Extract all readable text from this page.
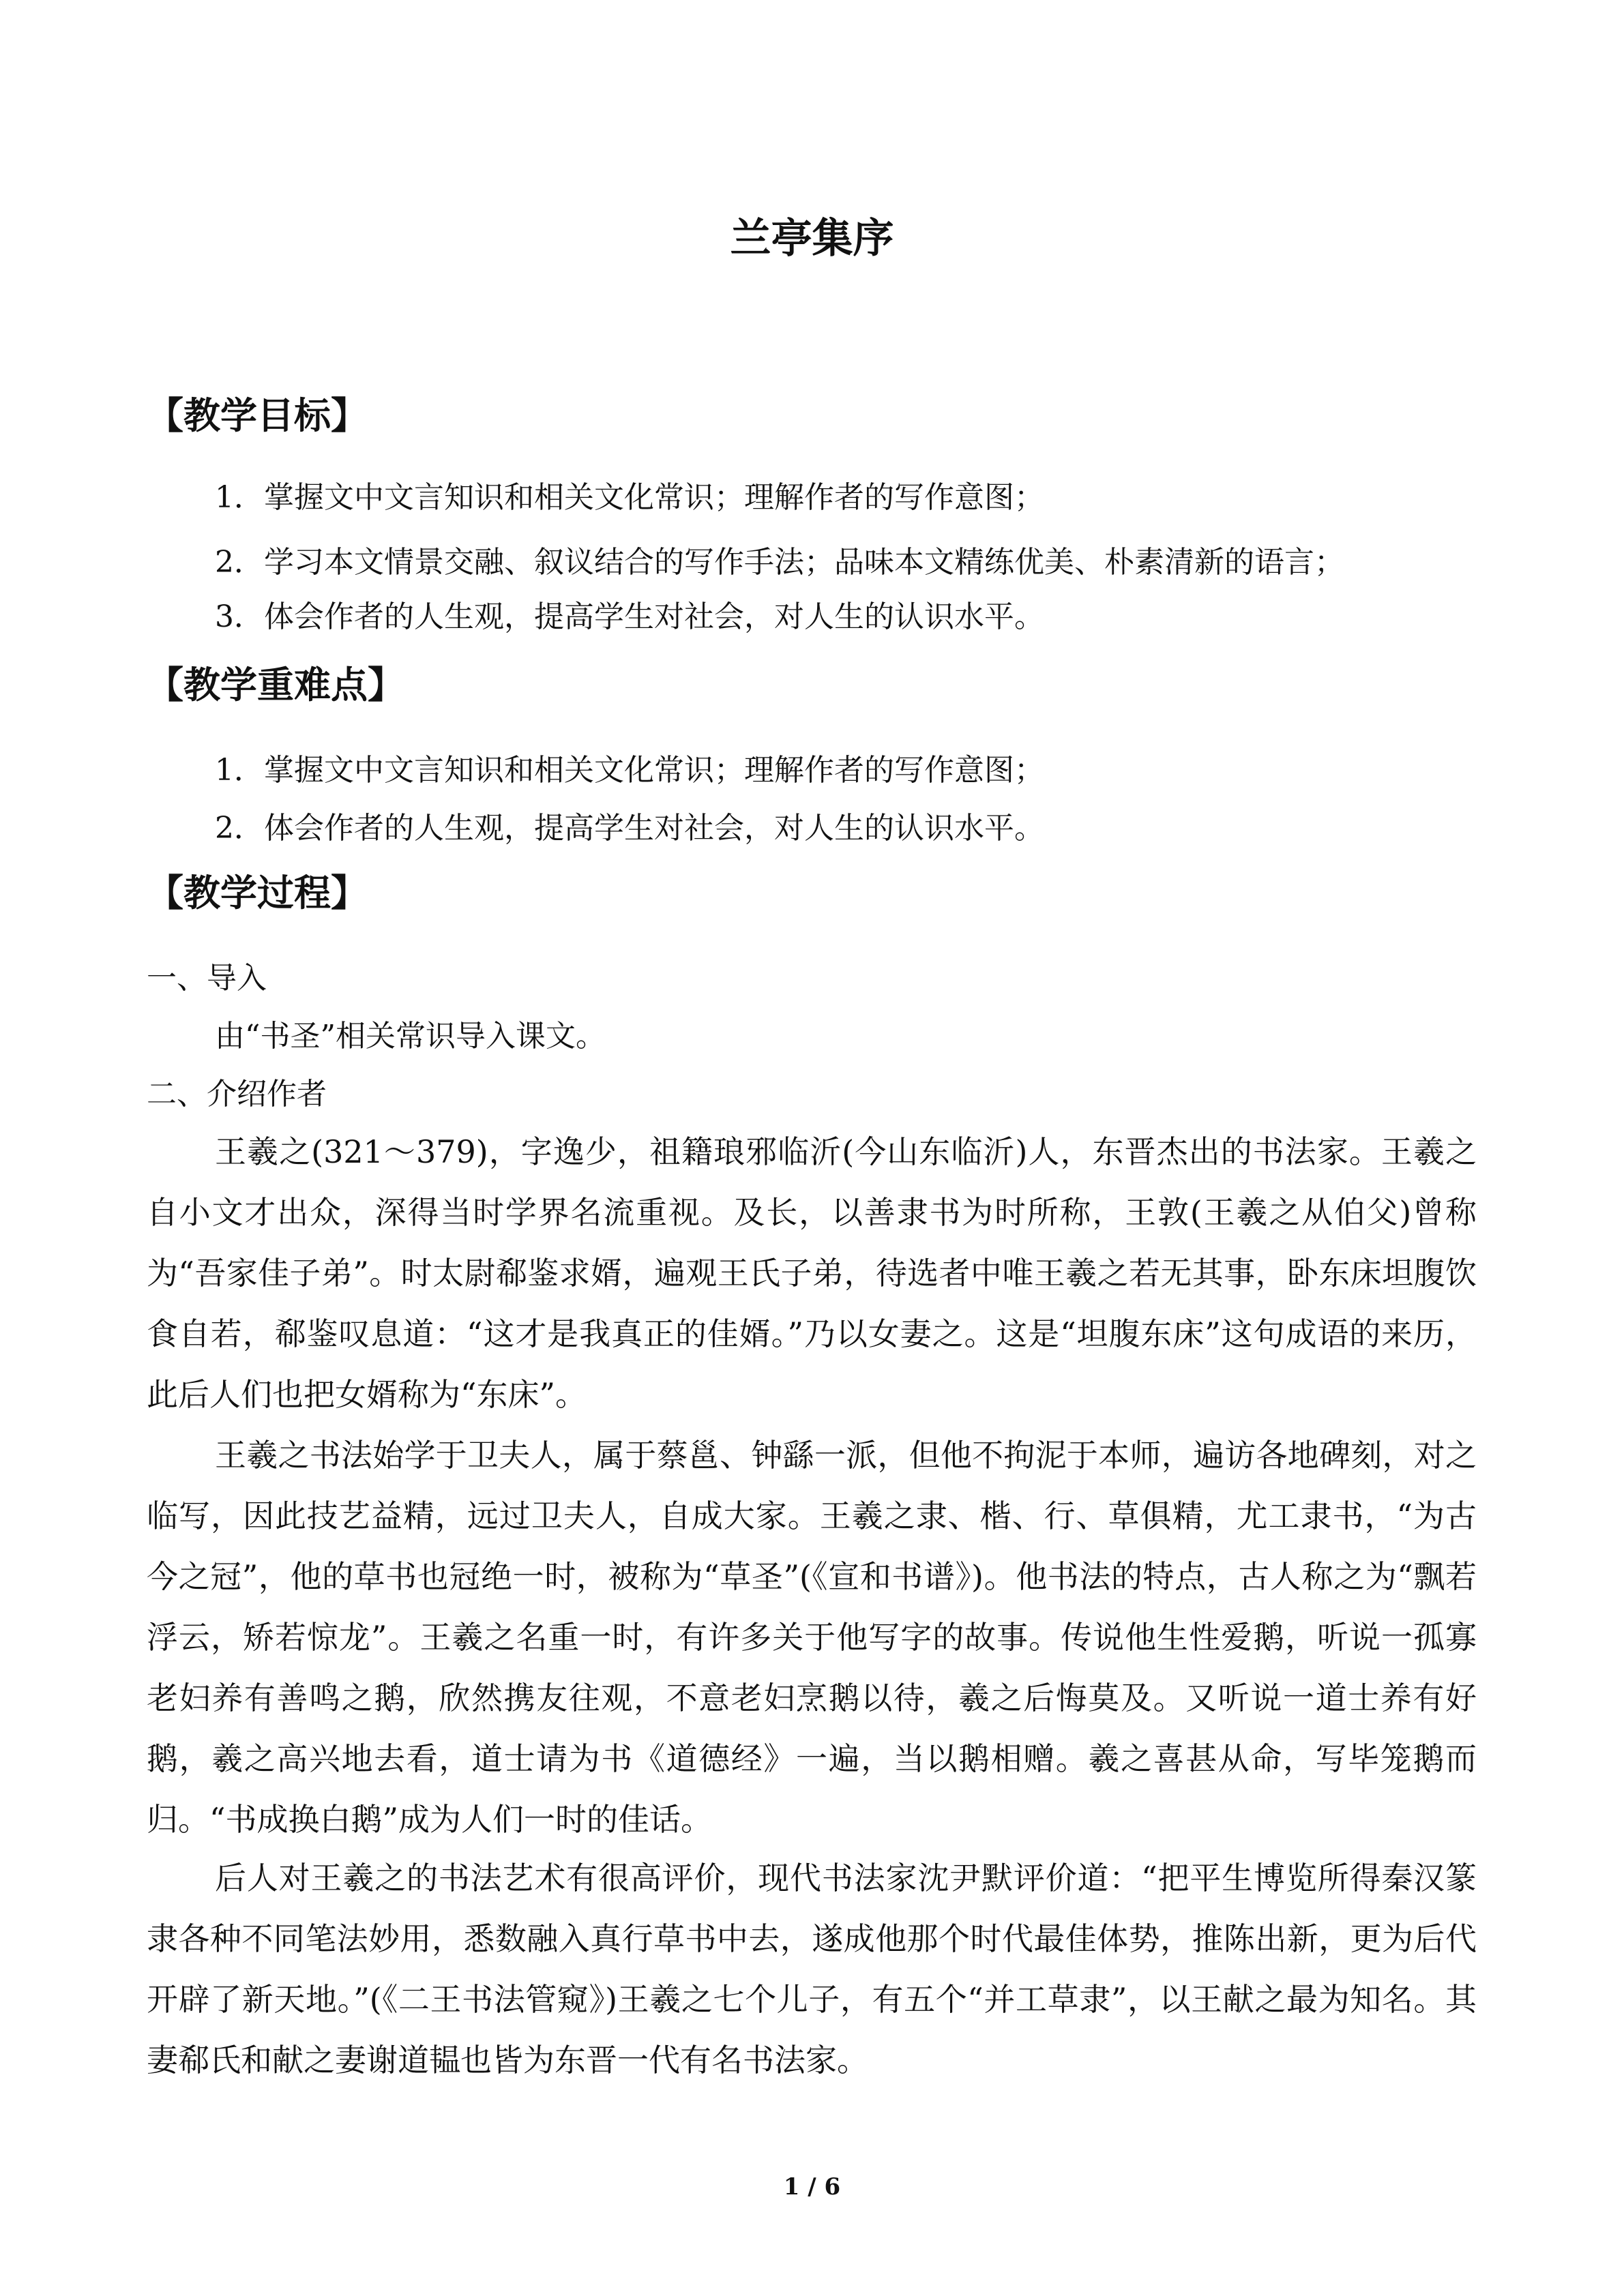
兰亭集序
【教学目标】

1．掌握文中文言知识和相关文化常识；理解作者的写作意图；

2．学习本文情景交融、叙议结合的写作手法；品味本文精练优美、朴素清新的语言；

3．体会作者的人生观，提高学生对社会，对人生的认识水平。

【教学重难点】

1．掌握文中文言知识和相关文化常识；理解作者的写作意图；

2．体会作者的人生观，提高学生对社会，对人生的认识水平。

【教学过程】

一、导入

由“书圣”相关常识导入课文。

二、介绍作者

王羲之(321～379)，字逸少，祖籍琅邪临沂(今山东临沂)人，东晋杰出的书法家。王羲之自小文才出众，深得当时学界名流重视。及长，以善隶书为时所称，王敦(王羲之从伯父)曾称为“吾家佳子弟”。时太尉郗鉴求婿，遍观王氏子弟，待选者中唯王羲之若无其事，卧东床坦腹饮食自若，郗鉴叹息道：“这才是我真正的佳婿。”乃以女妻之。这是“坦腹东床”这句成语的来历，此后人们也把女婿称为“东床”。

王羲之书法始学于卫夫人，属于蔡邕、钟繇一派，但他不拘泥于本师，遍访各地碑刻，对之临写，因此技艺益精，远过卫夫人，自成大家。王羲之隶、楷、行、草俱精，尤工隶书，“为古今之冠”，他的草书也冠绝一时，被称为“草圣”(《宣和书谱》)。他书法的特点，古人称之为“飘若浮云，矫若惊龙”。王羲之名重一时，有许多关于他写字的故事。传说他生性爱鹅，听说一孤寡老妇养有善鸣之鹅，欣然携友往观，不意老妇烹鹅以待，羲之后悔莫及。又听说一道士养有好鹅，羲之高兴地去看，道士请为书《道德经》一遍，当以鹅相赠。羲之喜甚从命，写毕笼鹅而归。“书成换白鹅”成为人们一时的佳话。

后人对王羲之的书法艺术有很高评价，现代书法家沈尹默评价道：“把平生博览所得秦汉篆隶各种不同笔法妙用，悉数融入真行草书中去，遂成他那个时代最佳体势，推陈出新，更为后代开辟了新天地。”(《二王书法管窥》)王羲之七个儿子，有五个“并工草隶”，以王献之最为知名。其妻郗氏和献之妻谢道韫也皆为东晋一代有名书法家。

1 / 6
